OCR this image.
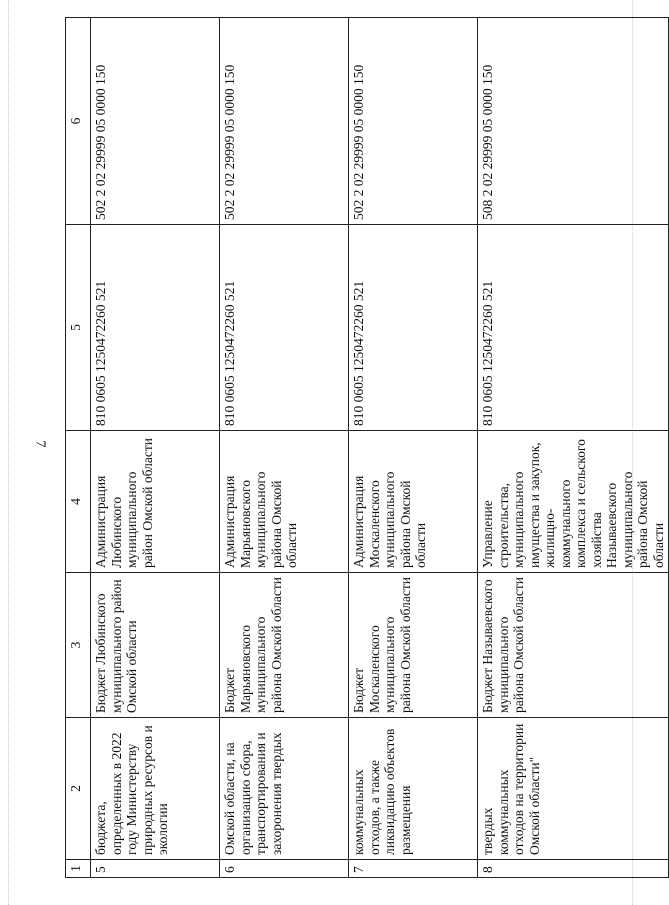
7
1	2	3	4	5	6
5	бюджета, определенных в 2022 году Министерству природных ресурсов и экологии	Бюджет Любинского муниципального район Омской области	Администрация Любинского муниципального район Омской области	810 0605 1250472260 521	502 2 02 29999 05 0000 150
6	Омской области, на организацию сбора, транспортирования и захоронения твердых	Бюджет Марьяновского муниципального района Омской области	Администрация Марьяновского муниципального района Омской области	810 0605 1250472260 521	502 2 02 29999 05 0000 150
7	коммунальных отходов, а также ликвидацию объектов размещения	Бюджет Москаленского муниципального района Омской области	Администрация Москаленского муниципального района Омской области	810 0605 1250472260 521	502 2 02 29999 05 0000 150
8	твердых коммунальных отходов на территории Омской области"	Бюджет Называевского муниципального района Омской области	Управление строительства, муниципального имущества и закупок, жилищно-коммунального комплекса и сельского хозяйства Называевского муниципального района Омской области	810 0605 1250472260 521	508 2 02 29999 05 0000 150
